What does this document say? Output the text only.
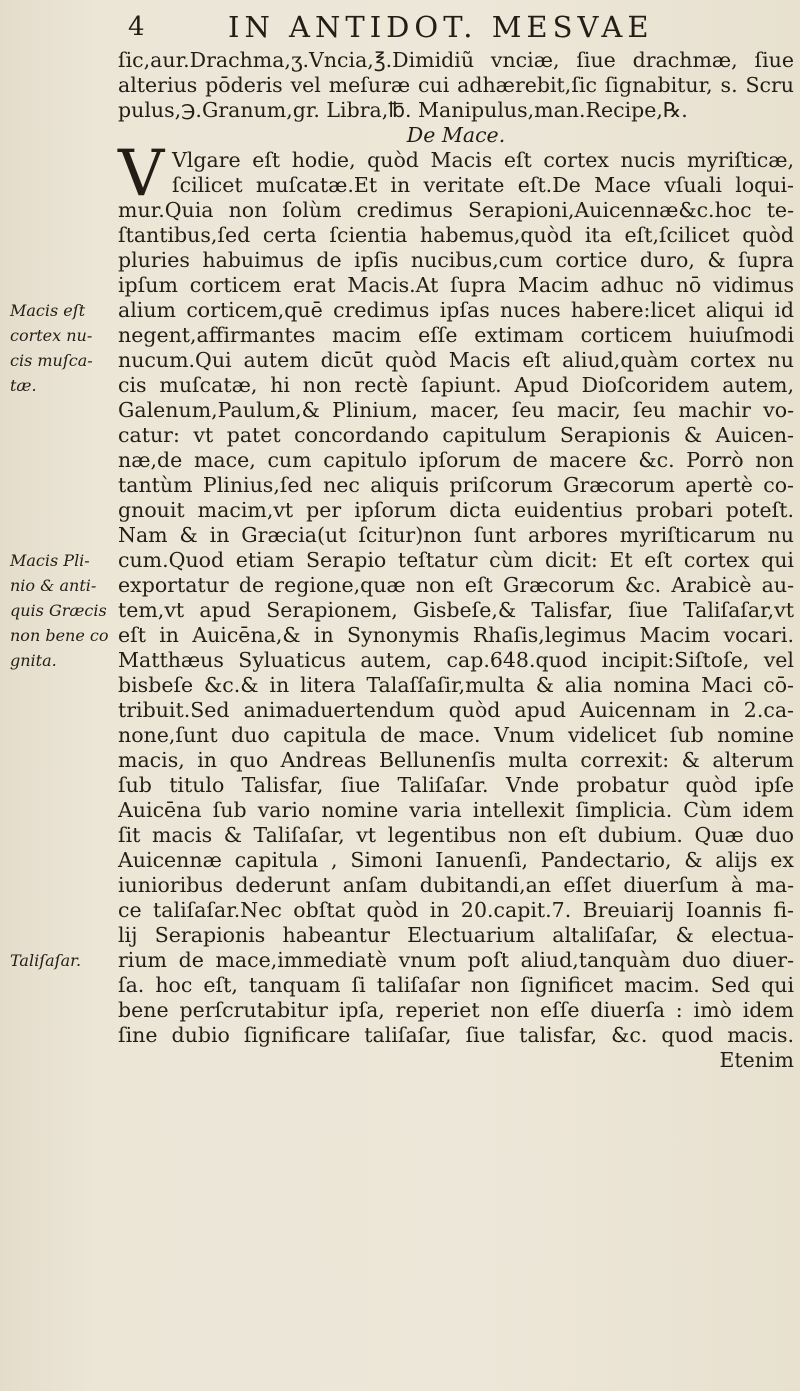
4	IN ANTIDOT. MESVAE
V
ſic,aur.Drachma,ʒ.Vncia,℥.Dimidiũ vnciæ, ſiue drachmæ, ſiue
alterius pōderis vel meſuræ cui adhærebit,ſic ſignabitur, s. Scru
pulus,℈.Granum,gr. Libra,℔. Manipulus,man.Recipe,℞.
De Mace.
Vlgare eſt hodie, quòd Macis eſt cortex nucis myriſticæ,
ſcilicet muſcatæ.Et in veritate eſt.De Mace vſuali loqui-
mur.Quia non ſolùm credimus Serapioni,Auicennæ&c.hoc te-
ſtantibus,ſed certa ſcientia habemus,quòd ita eſt,ſcilicet quòd
pluries habuimus de ipſis nucibus,cum cortice duro, & ſupra
ipſum corticem erat Macis.At ſupra Macim adhuc nō vidimus
alium corticem,quē credimus ipſas nuces habere:licet aliqui id
negent,affirmantes macim eſſe extimam corticem huiuſmodi
nucum.Qui autem dicūt quòd Macis eſt aliud,quàm cortex nu
cis muſcatæ, hi non rectè ſapiunt. Apud Dioſcoridem autem,
Galenum,Paulum,& Plinium, macer, ſeu macir, ſeu machir vo-
catur: vt patet concordando capitulum Serapionis & Auicen-
næ,de mace, cum capitulo ipſorum de macere &c. Porrò non
tantùm Plinius,ſed nec aliquis priſcorum Græcorum apertè co-
gnouit macim,vt per ipſorum dicta euidentius probari poteſt.
Nam & in Græcia(ut ſcitur)non ſunt arbores myriſticarum nu
cum.Quod etiam Serapio teſtatur cùm dicit: Et eſt cortex qui
exportatur de regione,quæ non eſt Græcorum &c. Arabicè au-
tem,vt apud Serapionem, Gisbeſe,& Talisfar, ſiue Taliſaſar,vt
eſt in Auicēna,& in Synonymis Rhaſis,legimus Macim vocari.
Matthæus Syluaticus autem, cap.648.quod incipit:Siſtoſe, vel
bisbeſe &c.& in litera Talaſſaſir,multa & alia nomina Maci cō-
tribuit.Sed animaduertendum quòd apud Auicennam in 2.ca-
none,ſunt duo capitula de mace. Vnum videlicet ſub nomine
macis, in quo Andreas Bellunenſis multa correxit: & alterum
ſub titulo Talisfar, ſiue Taliſaſar. Vnde probatur quòd ipſe
Auicēna ſub vario nomine varia intellexit ſimplicia. Cùm idem
ſit macis & Taliſaſar, vt legentibus non eſt dubium. Quæ duo
Auicennæ capitula , Simoni Ianuenſi, Pandectario, & alijs ex
iunioribus dederunt anſam dubitandi,an eſſet diuerſum à ma-
ce taliſaſar.Nec obſtat quòd in 20.capit.7. Breuiarij Ioannis fi-
lij Serapionis habeantur Electuarium altaliſaſar, & electua-
rium de mace,immediatè vnum poſt aliud,tanquàm duo diuer-
ſa. hoc eſt, tanquam ſi taliſaſar non ſignificet macim. Sed qui
bene perſcrutabitur ipſa, reperiet non eſſe diuerſa : imò idem
ſine dubio ſignificare taliſaſar, ſiue talisfar, &c. quod macis.
Etenim
Macis eſt
cortex nu-
cis muſca-
tæ.
Macis Pli-
nio & anti-
quis Græcis
non bene co
gnita.
Taliſaſar.
